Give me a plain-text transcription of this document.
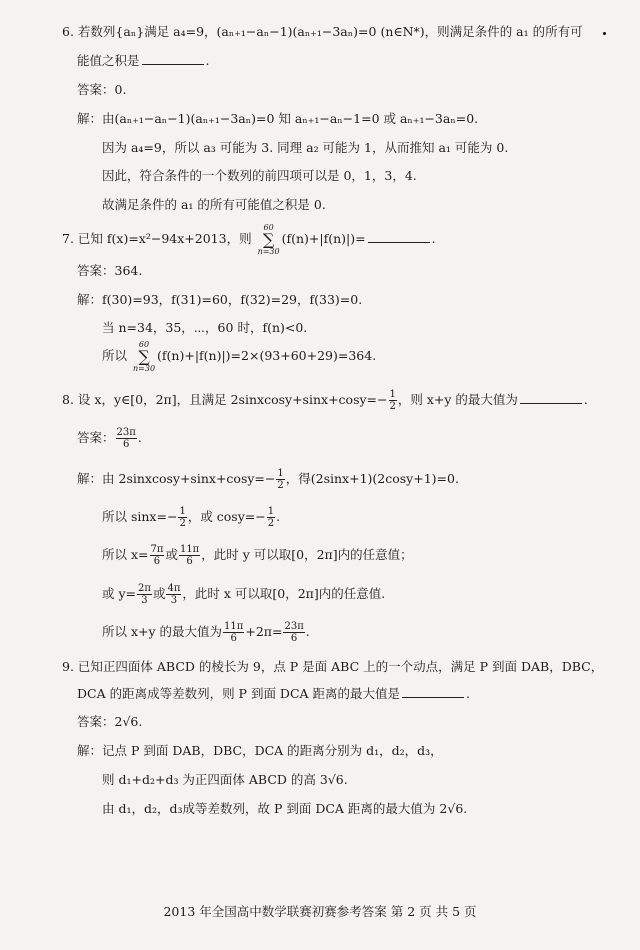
6. 若数列{aₙ}满足 a₄=9，(aₙ₊₁−aₙ−1)(aₙ₊₁−3aₙ)=0 (n∈N*)，则满足条件的 a₁ 的所有可
能值之积是	.
答案：0.
解：由(aₙ₊₁−aₙ−1)(aₙ₊₁−3aₙ)=0 知 aₙ₊₁−aₙ−1=0 或 aₙ₊₁−3aₙ=0.
因为 a₄=9，所以 a₃ 可能为 3. 同理 a₂ 可能为 1，从而推知 a₁ 可能为 0.
因此，符合条件的一个数列的前四项可以是 0，1，3，4.
故满足条件的 a₁ 的所有可能值之积是 0.
7. 已知 f(x)=x²−94x+2013，则
60
∑
n=30
(f(n)+|f(n)|)=	.
答案：364.
解：f(30)=93，f(31)=60，f(32)=29，f(33)=0.
当 n=34，35，⋯，60 时，f(n)<0.
所以
60
∑
n=30
(f(n)+|f(n)|)=2×(93+60+29)=364.
8. 设 x，y∈[0，2π]，且满足 2sinxcosy+sinx+cosy=− $\frac{1}{2}$ ，则 x+y 的最大值为	.
答案： $\frac{23\pi}{6}$ .
解：由 2sinxcosy+sinx+cosy=− $\frac{1}{2}$ ，得(2sinx+1)(2cosy+1)=0.
所以 $\sin x=- \frac{1}{2}$ ，或 $\cos y=- \frac{1}{2}$ .
所以 $x= \frac{7\pi}{6}$ 或 $\frac{11\pi}{6}$ ，此时 y 可以取[0，2π]内的任意值；
或 $y= \frac{2\pi}{3}$ 或 $\frac{4\pi}{3}$ ，此时 x 可以取[0，2π]内的任意值.
所以 x+y 的最大值为 $\frac{11\pi}{6} +2\pi= \frac{23\pi}{6}$ .
9. 已知正四面体 ABCD 的棱长为 9，点 P 是面 ABC 上的一个动点，满足 P 到面 DAB，DBC，
DCA 的距离成等差数列，则 P 到面 DCA 距离的最大值是	.
答案：2√6.
解：记点 P 到面 DAB，DBC，DCA 的距离分别为 d₁，d₂，d₃，
则 d₁+d₂+d₃ 为正四面体 ABCD 的高 3√6.
由 d₁，d₂，d₃成等差数列，故 P 到面 DCA 距离的最大值为 2√6.
2013 年全国高中数学联赛初赛参考答案 第 2 页 共 5 页
